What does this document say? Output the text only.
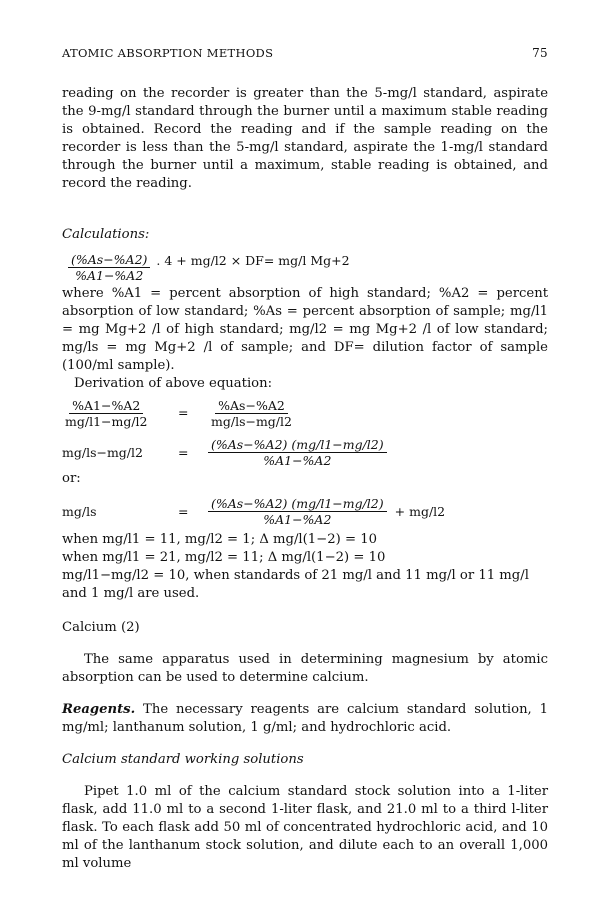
ATOMIC ABSORPTION METHODS	75

reading on the recorder is greater than the 5-mg/l standard, aspirate the 9-mg/l standard through the burner until a maximum stable reading is obtained. Record the reading and if the sample reading on the recorder is less than the 5-mg/l standard, aspirate the 1-mg/l standard through the burner until a maximum, stable reading is obtained, and record the reading.

Calculations:
$\frac{(\%As-\%A2)}{\%A1-\%A2}$ . 4 + mg/l2 × DF= mg/l Mg+2

where %A1 = percent absorption of high standard; %A2 = percent absorption of low standard; %As = percent absorption of sample; mg/l1 = mg Mg+2 /l of high standard; mg/l2 = mg Mg+2 /l of low standard; mg/ls = mg Mg+2 /l of sample; and DF= dilution factor of sample (100/ml sample).

Derivation of above equation:

$\frac{\%A1-\%A2}{mg/l1-mg/l2}$ =	$\frac{\%As-\%A2}{mg/ls-mg/l2}$
mg/ls−mg/l2	=	$\frac{(\%As-\%A2) (mg/l1-mg/l2)}{\%A1-\%A2}$
or:
mg/ls	=	$\frac{(\%As-\%A2) (mg/l1-mg/l2)}{\%A1-\%A2} + mg/l2$
when mg/l1 = 11, mg/l2 = 1; Δ mg/l(1−2) = 10
when mg/l1 = 21, mg/l2 = 11; Δ mg/l(1−2) = 10
mg/l1−mg/l2 = 10, when standards of 21 mg/l and 11 mg/l or 11 mg/l and 1 mg/l are used.
Calcium (2)

The same apparatus used in determining magnesium by atomic absorption can be used to determine calcium.

Reagents. The necessary reagents are calcium standard solution, 1 mg/ml; lanthanum solution, 1 g/ml; and hydrochloric acid.

Calcium standard working solutions

Pipet 1.0 ml of the calcium standard stock solution into a 1-liter flask, add 11.0 ml to a second 1-liter flask, and 21.0 ml to a third l-liter flask. To each flask add 50 ml of concentrated hydrochloric acid, and 10 ml of the lanthanum stock solution, and dilute each to an overall 1,000 ml volume
